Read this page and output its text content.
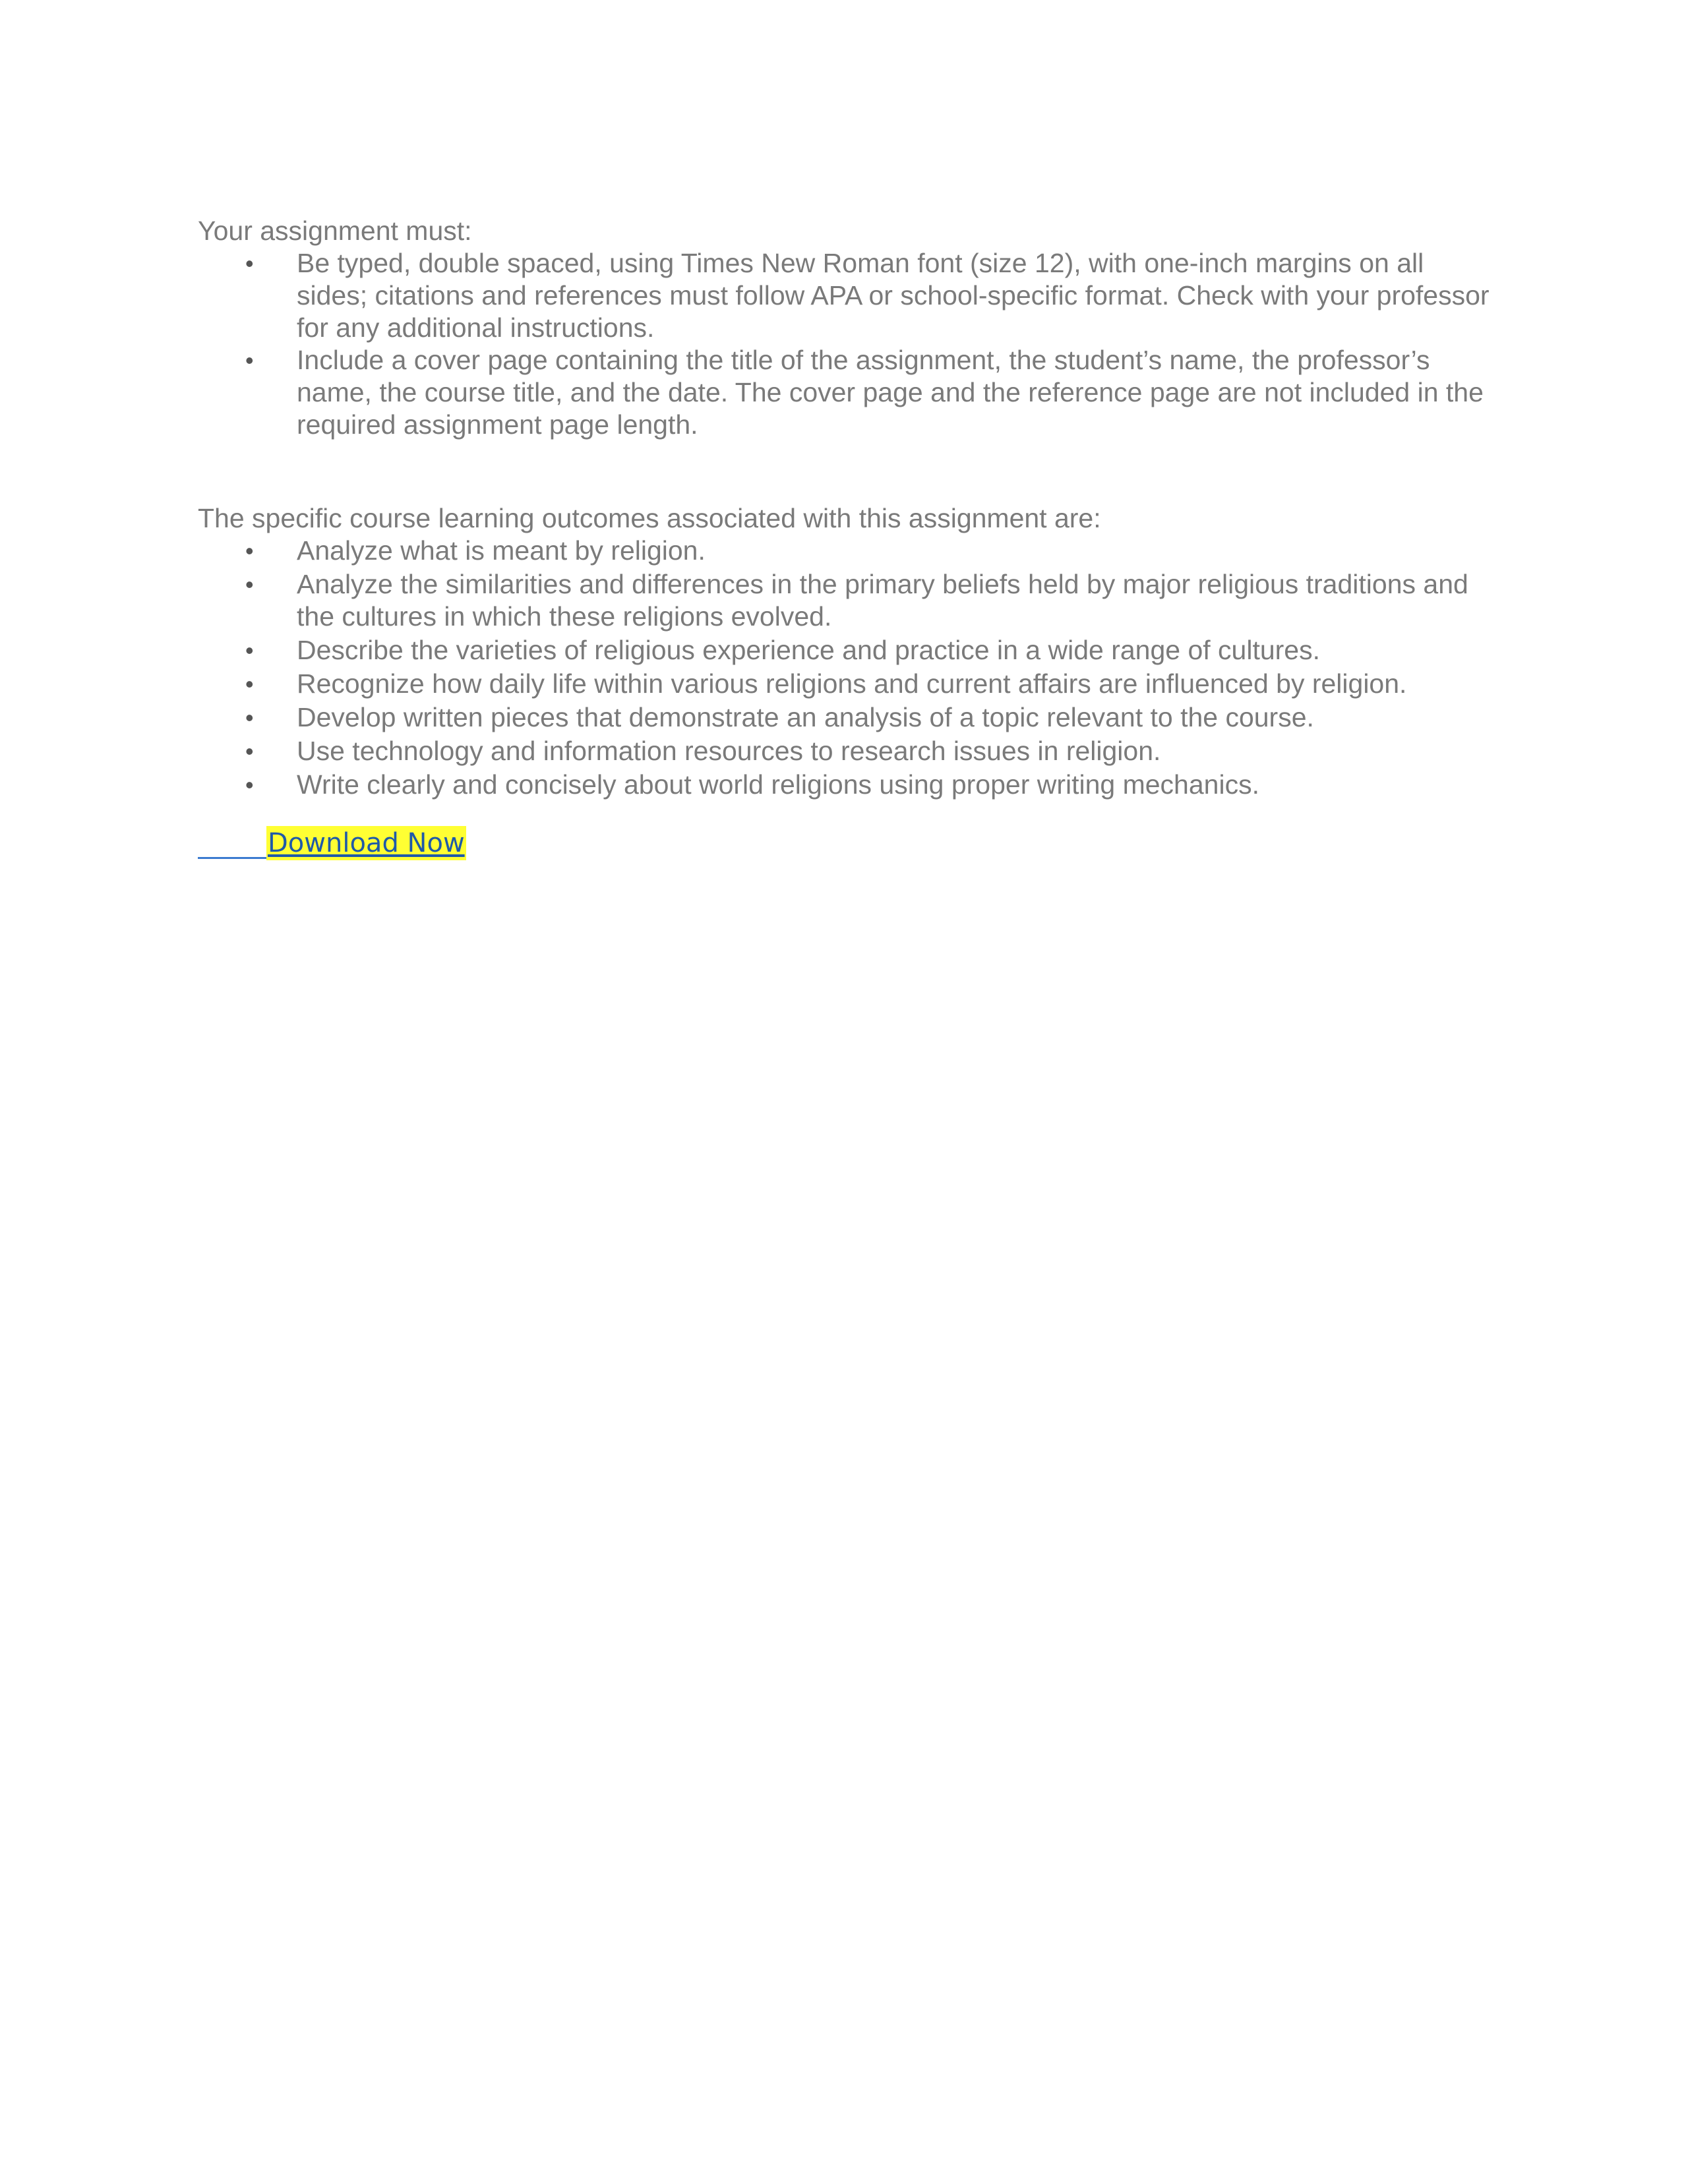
Your assignment must:

• Be typed, double spaced, using Times New Roman font (size 12), with one-inch margins on all sides; citations and references must follow APA or school-specific format. Check with your professor for any additional instructions.
• Include a cover page containing the title of the assignment, the student’s name, the professor’s name, the course title, and the date. The cover page and the reference page are not included in the required assignment page length.

The specific course learning outcomes associated with this assignment are:

• Analyze what is meant by religion.
• Analyze the similarities and differences in the primary beliefs held by major religious traditions and the cultures in which these religions evolved.
• Describe the varieties of religious experience and practice in a wide range of cultures.
• Recognize how daily life within various religions and current affairs are influenced by religion.
• Develop written pieces that demonstrate an analysis of a topic relevant to the course.
• Use technology and information resources to research issues in religion.
• Write clearly and concisely about world religions using proper writing mechanics.
Download Now
